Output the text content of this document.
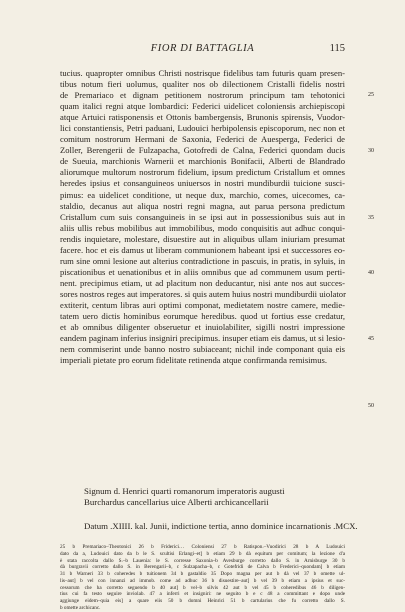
FIOR DI BATTAGLIA	115
tucius. quapropter omnibus Christi nostrisque fidelibus tam futuris quam presen-
tibus notum fieri uolumus, qualiter nos ob dilectionem Cristalli fidelis nostri
de Premariaco et dignam petitionem nostrorum principum tam tehotonici
quam italici regni atque lombardici: Federici uidelicet coloniensis archiepiscopi
atque Artuici ratisponensis et Ottonis bambergensis, Brunonis spirensis, Vuodor-
lici constantiensis, Petri paduani, Ludouici herbipolensis episcoporum, nec non et
comitum nostrorum Hermani de Saxonia, Federici de Auesperga, Federici de
Zoller, Berengerii de Fulzapacha, Gotofredi de Calna, Federici quondam ducis
de Sueuia, marchionis Warnerii et marchionis Bonifacii, Alberti de Blandrado
aliorumque multorum nostrorum fidelium, ipsum predictum Cristallum et omnes
heredes ipsius et consanguineos uniuersos in nostri mundiburdii tuicione susci-
pimus: ea uidelicet conditione, ut neque dux, marchio, comes, uicecomes, ca-
staldio, decanus aut aliqua nostri regni magna, aut parua persona predictum
Cristallum cum suis consanguineis in se ipsi aut in possessionibus suis aut in
aliis ullis rebus mobilibus aut immobilibus, modo conquisitis aut adhuc conqui-
rendis inquietare, molestare, disuestire aut in aliquibus ullam iniuriam presumat
facere. hoc et eis damus ut liberam communionem habeant ipsi et successores eo-
rum sine omni lesione aut alterius contradictione in pascuis, in pratis, in syluis, in
piscationibus et uenationibus et in aliis omnibus que ad communem usum perti-
nent. precipimus etiam, ut ad placitum non deducantur, nisi ante nos aut succes-
sores nostros reges aut imperatores. si quis autem huius nostri mundiburdii uiolator
extiterit, centum libras auri optimi componat, medietatem nostre camere, medie-
tatem uero dictis hominibus eorumque heredibus. quod ut fortius esse credatur,
et ab omnibus diligenter obseruetur et inuiolabiliter, sigilli nostri impressione
eandem paginam inferius insigniri precipimus. insuper etiam eis damus, ut si lesio-
nem commiserint unde banno nostro subiaceant; nichil inde componant quia eis
imperiali pietate pro eorum fidelitate retinenda atque confirmanda remisimus.
25
30
35
40
45
50
Signum d. Henrici quarti romanorum imperatoris augusti
Burchardus cancellarius uice Alberti archicancellarii
Datum .XIIII. kal. Junii, indictione tertia, anno dominice incarnationis .MCX.
25 b Premariaco–Theotonici 26 b Friderici… Coloniensi 27 b Ratispon.–Vuodirici 28 b A Ludouici
dato da a, Ludouici dato da b le S. scultisi Erlangi–et] b etiam 29 b dà equitum per comitum; la lezione d'a
è stata raccolta dallo S.–b Lauenia: le S. corresse Saxonia–b Avesburge corretto dallo S. in Arnisburge 30 b
dà burgravii corretto dallo S. in Berengarii–b, c Sulzapacha–b, c Gotefridi de Calva b Frederici–quondam] b etiam
31 b Warneri 33 b coheredes b tuitionem 34 b gastaldio 35 Dopo magna per aut b dà vel 37 b omette ul-
lis–aut] b vel con innanzi ad immob. come ad adhuc 36 b disuestire–aut] b vel 39 b etiam a ipsius et suc-
cessorum che ha corretto seguendo b 40 aut] b vel–b silvis 42 aut b vel 45 b coheredibus 46 b diligen-
tius cui fa testo seguire inviolab. 47 a inferri et insigniri: ne seguito b e c 48 a committant e dopo unde
aggiunge eidem–quia eis] a quare eiis 50 b domni Heinrici 51 b cartularius che fu corretto dallo S.
b omette archicanc.
